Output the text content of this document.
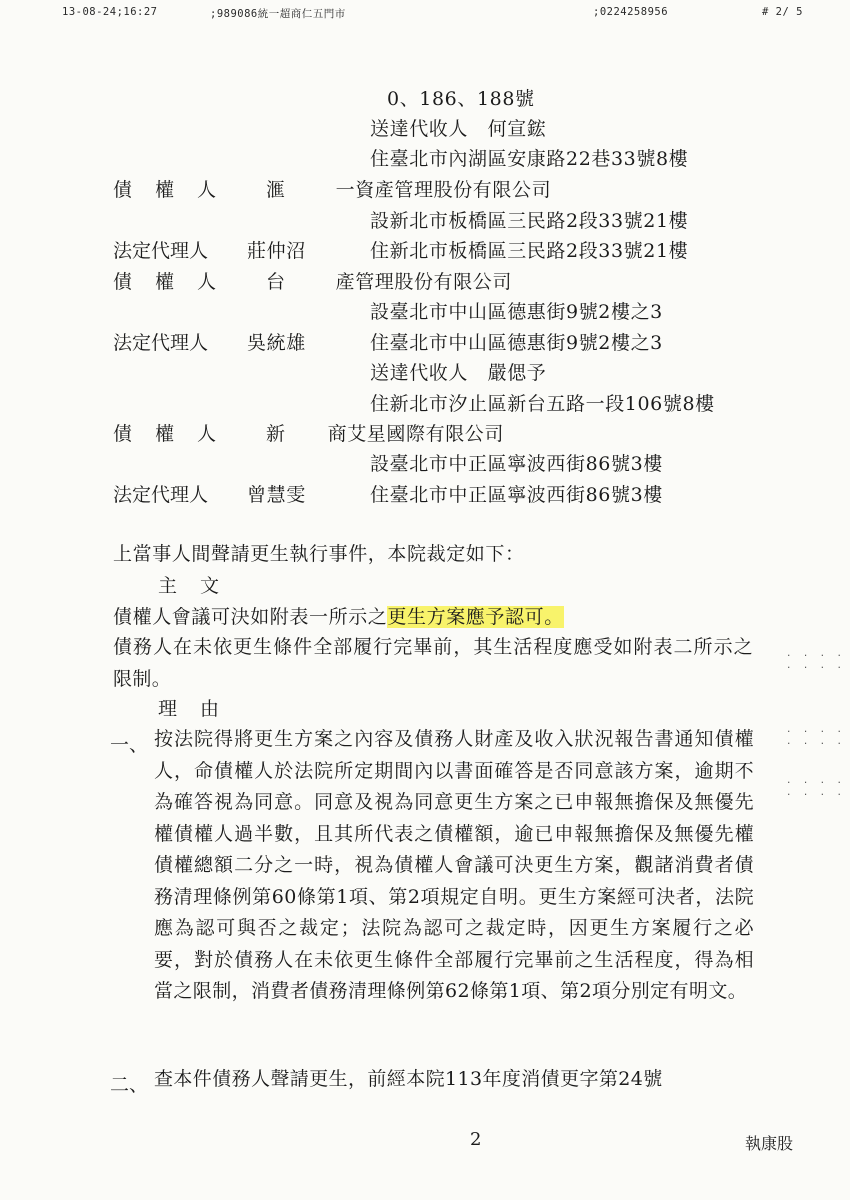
13-08-24;16:27	;989086統一超商仁五門市	;0224258956	# 2/ 5
0、186、188號
送達代收人　何宣鋐
住臺北市內湖區安康路22巷33號8樓
債　權　人	滙	一資產管理股份有限公司
設新北市板橋區三民路2段33號21樓
法定代理人 莊仲沼	住新北市板橋區三民路2段33號21樓
債　權　人	台	產管理股份有限公司
設臺北市中山區德惠街9號2樓之3
法定代理人 吳統雄	住臺北市中山區德惠街9號2樓之3
送達代收人　嚴偲予
住新北市汐止區新台五路一段106號8樓
債　權　人	新 商艾星國際有限公司
設臺北市中正區寧波西街86號3樓
法定代理人 曾慧雯	住臺北市中正區寧波西街86號3樓
上當事人間聲請更生執行事件，本院裁定如下：
主　文
債權人會議可決如附表一所示之更生方案應予認可。
債務人在未依更生條件全部履行完畢前，其生活程度應受如附表二所示之限制。
理　由
一、 按法院得將更生方案之內容及債務人財產及收入狀況報告書通知債權人，命債權人於法院所定期間內以書面確答是否同意該方案，逾期不為確答視為同意。同意及視為同意更生方案之已申報無擔保及無優先權債權人過半數，且其所代表之債權額，逾已申報無擔保及無優先權債權總額二分之一時，視為債權人會議可決更生方案，觀諸消費者債務清理條例第60條第1項、第2項規定自明。更生方案經可決者，法院應為認可與否之裁定；法院為認可之裁定時，因更生方案履行之必要，對於債務人在未依更生條件全部履行完畢前之生活程度，得為相當之限制，消費者債務清理條例第62條第1項、第2項分別定有明文。
二、 查本件債務人聲請更生，前經本院113年度消債更字第24號
. . . .
. . . .
. . . .
. . . .
. . . .
. . . .
2	執康股
